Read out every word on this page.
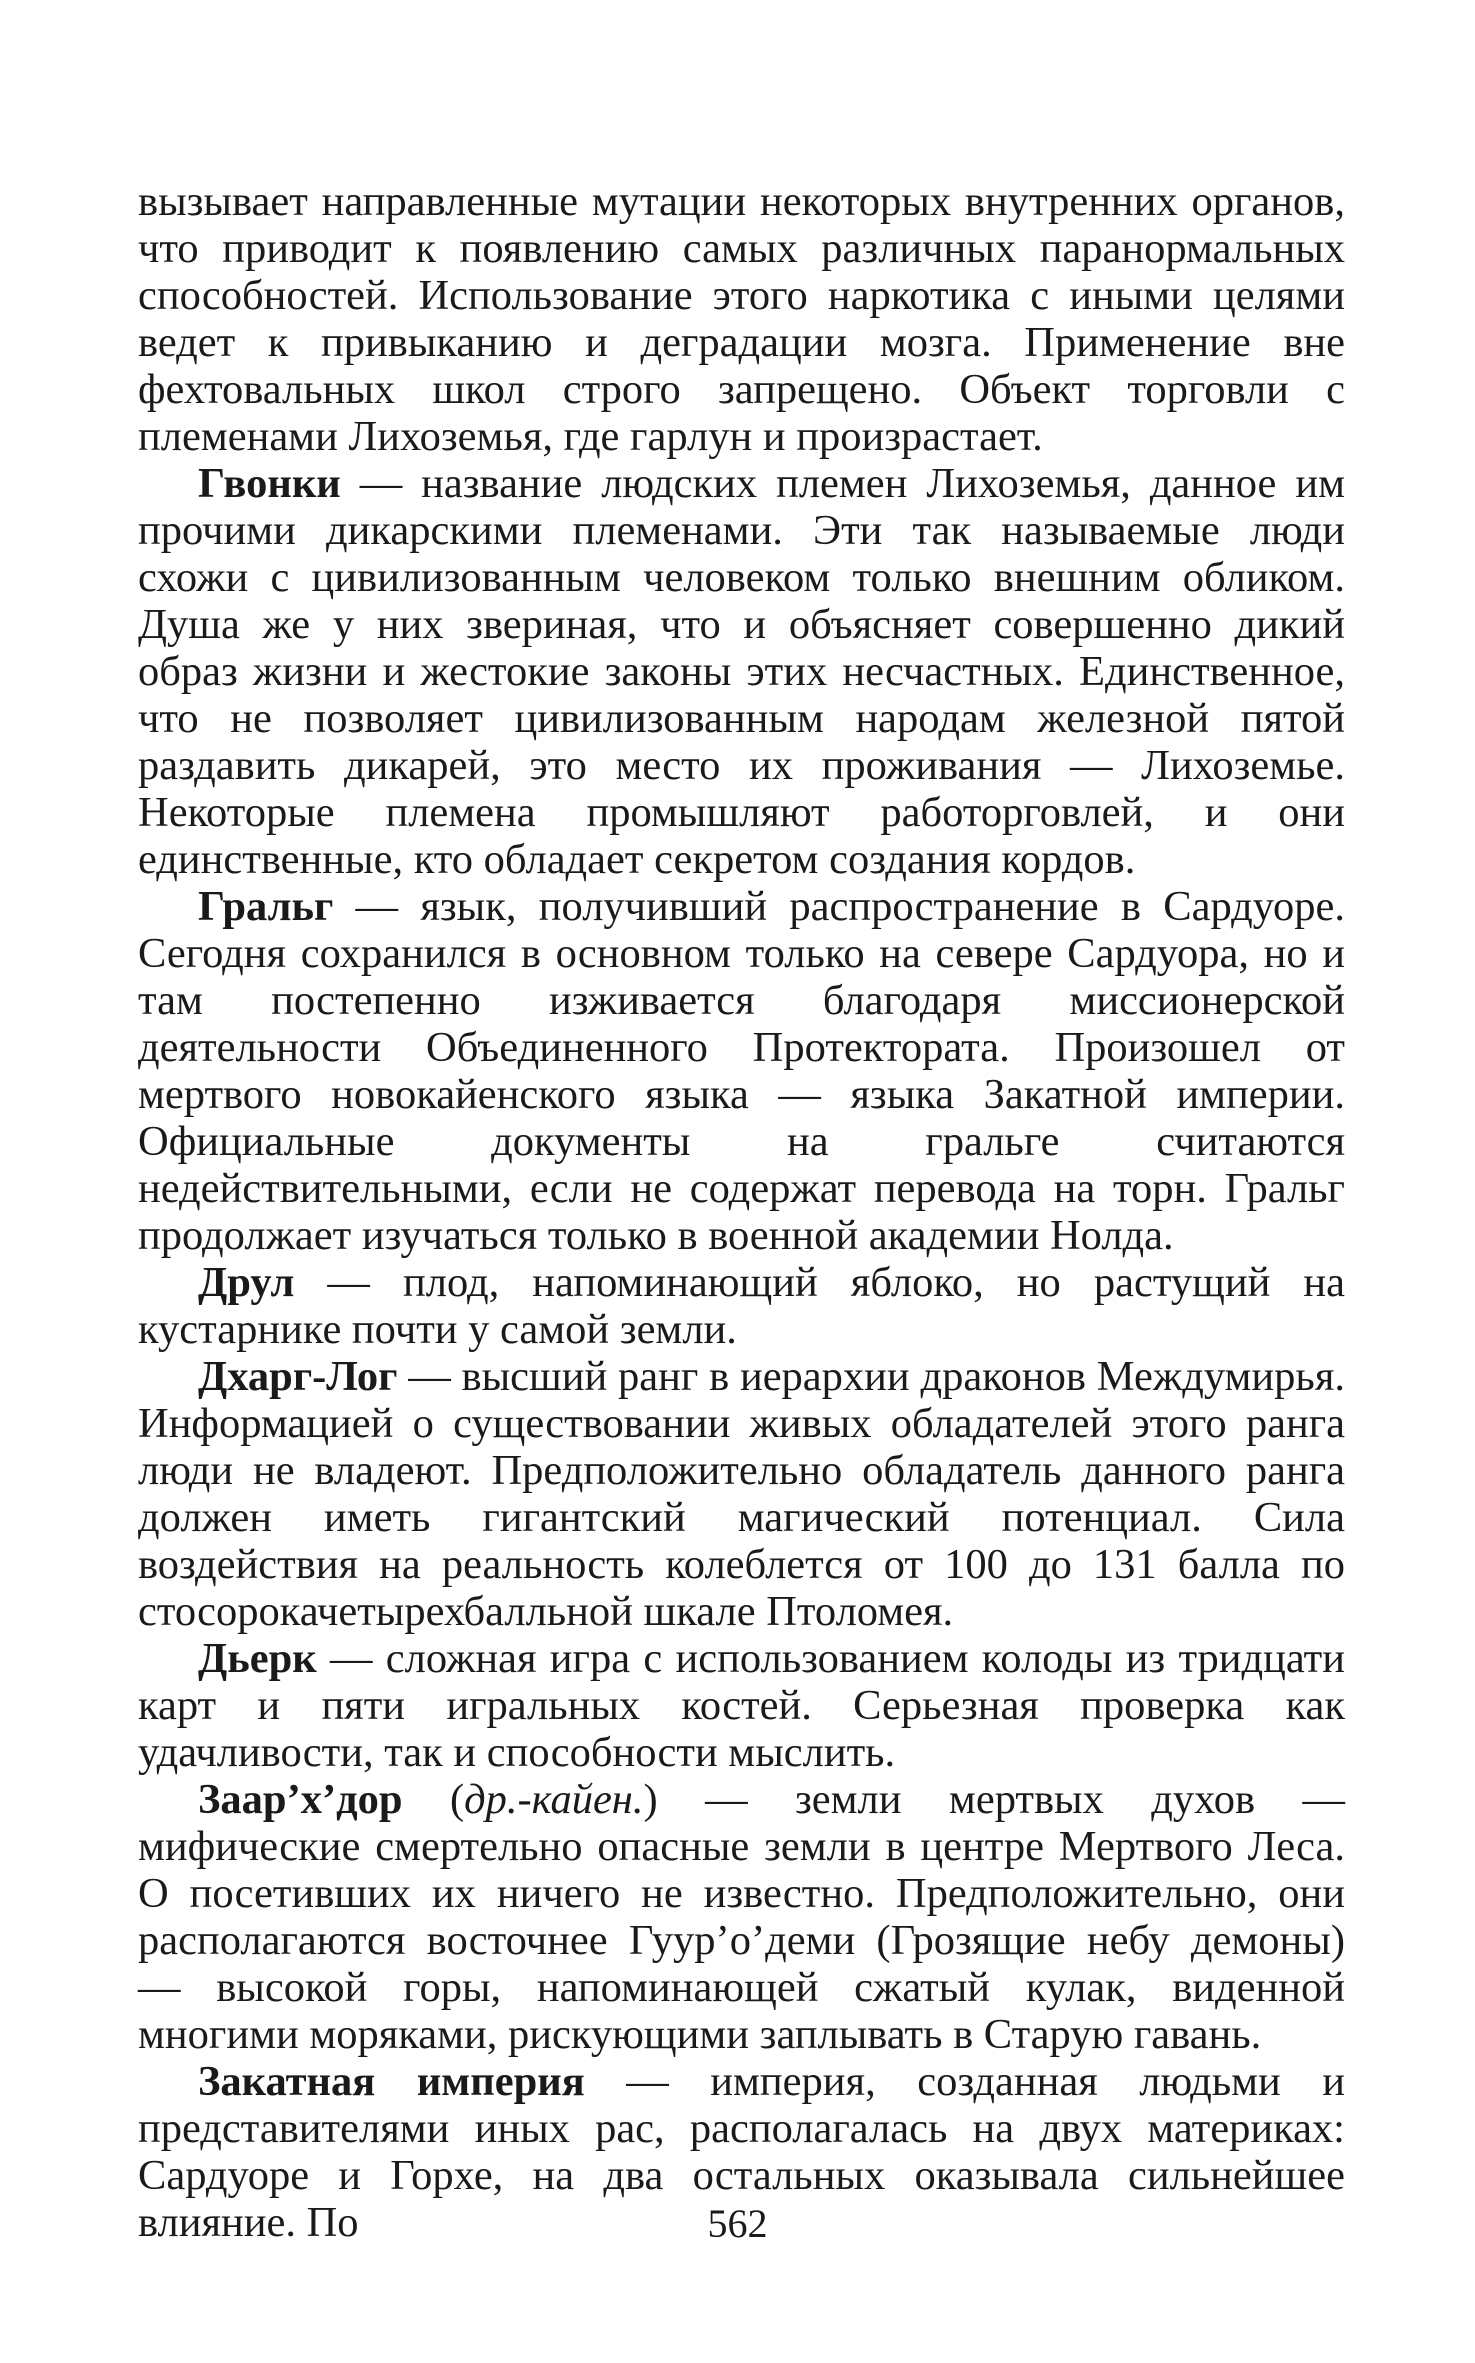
вызывает направленные мутации некоторых внутренних органов, что приводит к появлению самых различных паранормальных способностей. Использование этого наркотика с иными целями ведет к привыканию и деградации мозга. Применение вне фехтовальных школ строго запрещено. Объект торговли с племенами Лихоземья, где гарлун и произрастает.

Гвонки — название людских племен Лихоземья, данное им прочими дикарскими племенами. Эти так называемые люди схожи с цивилизованным человеком только внешним обликом. Душа же у них звериная, что и объясняет совершенно дикий образ жизни и жестокие законы этих несчастных. Единственное, что не позволяет цивилизованным народам железной пятой раздавить дикарей, это место их проживания — Лихоземье. Некоторые племена промышляют работорговлей, и они единственные, кто обладает секретом создания кордов.

Гральг — язык, получивший распространение в Сардуоре. Сегодня сохранился в основном только на севере Сардуора, но и там постепенно изживается благодаря миссионерской деятельности Объединенного Протектората. Произошел от мертвого новокайенского языка — языка Закатной империи. Официальные документы на гральге считаются недействительными, если не содержат перевода на торн. Гральг продолжает изучаться только в военной академии Нолда.

Друл — плод, напоминающий яблоко, но растущий на кустарнике почти у самой земли.

Дхарг-Лог — высший ранг в иерархии драконов Междумирья. Информацией о существовании живых обладателей этого ранга люди не владеют. Предположительно обладатель данного ранга должен иметь гигантский магический потенциал. Сила воздействия на реальность колеблется от 100 до 131 балла по стосорокачетырехбалльной шкале Птоломея.

Дьерк — сложная игра с использованием колоды из тридцати карт и пяти игральных костей. Серьезная проверка как удачливости, так и способности мыслить.

Заар’х’дор (др.-кайен.) — земли мертвых духов — мифические смертельно опасные земли в центре Мертвого Леса. О посетивших их ничего не известно. Предположительно, они располагаются восточнее Гуур’о’деми (Грозящие небу демоны) — высокой горы, напоминающей сжатый кулак, виденной многими моряками, рискующими заплывать в Старую гавань.

Закатная империя — империя, созданная людьми и представителями иных рас, располагалась на двух материках: Сардуоре и Горхе, на два остальных оказывала сильнейшее влияние. По	562
